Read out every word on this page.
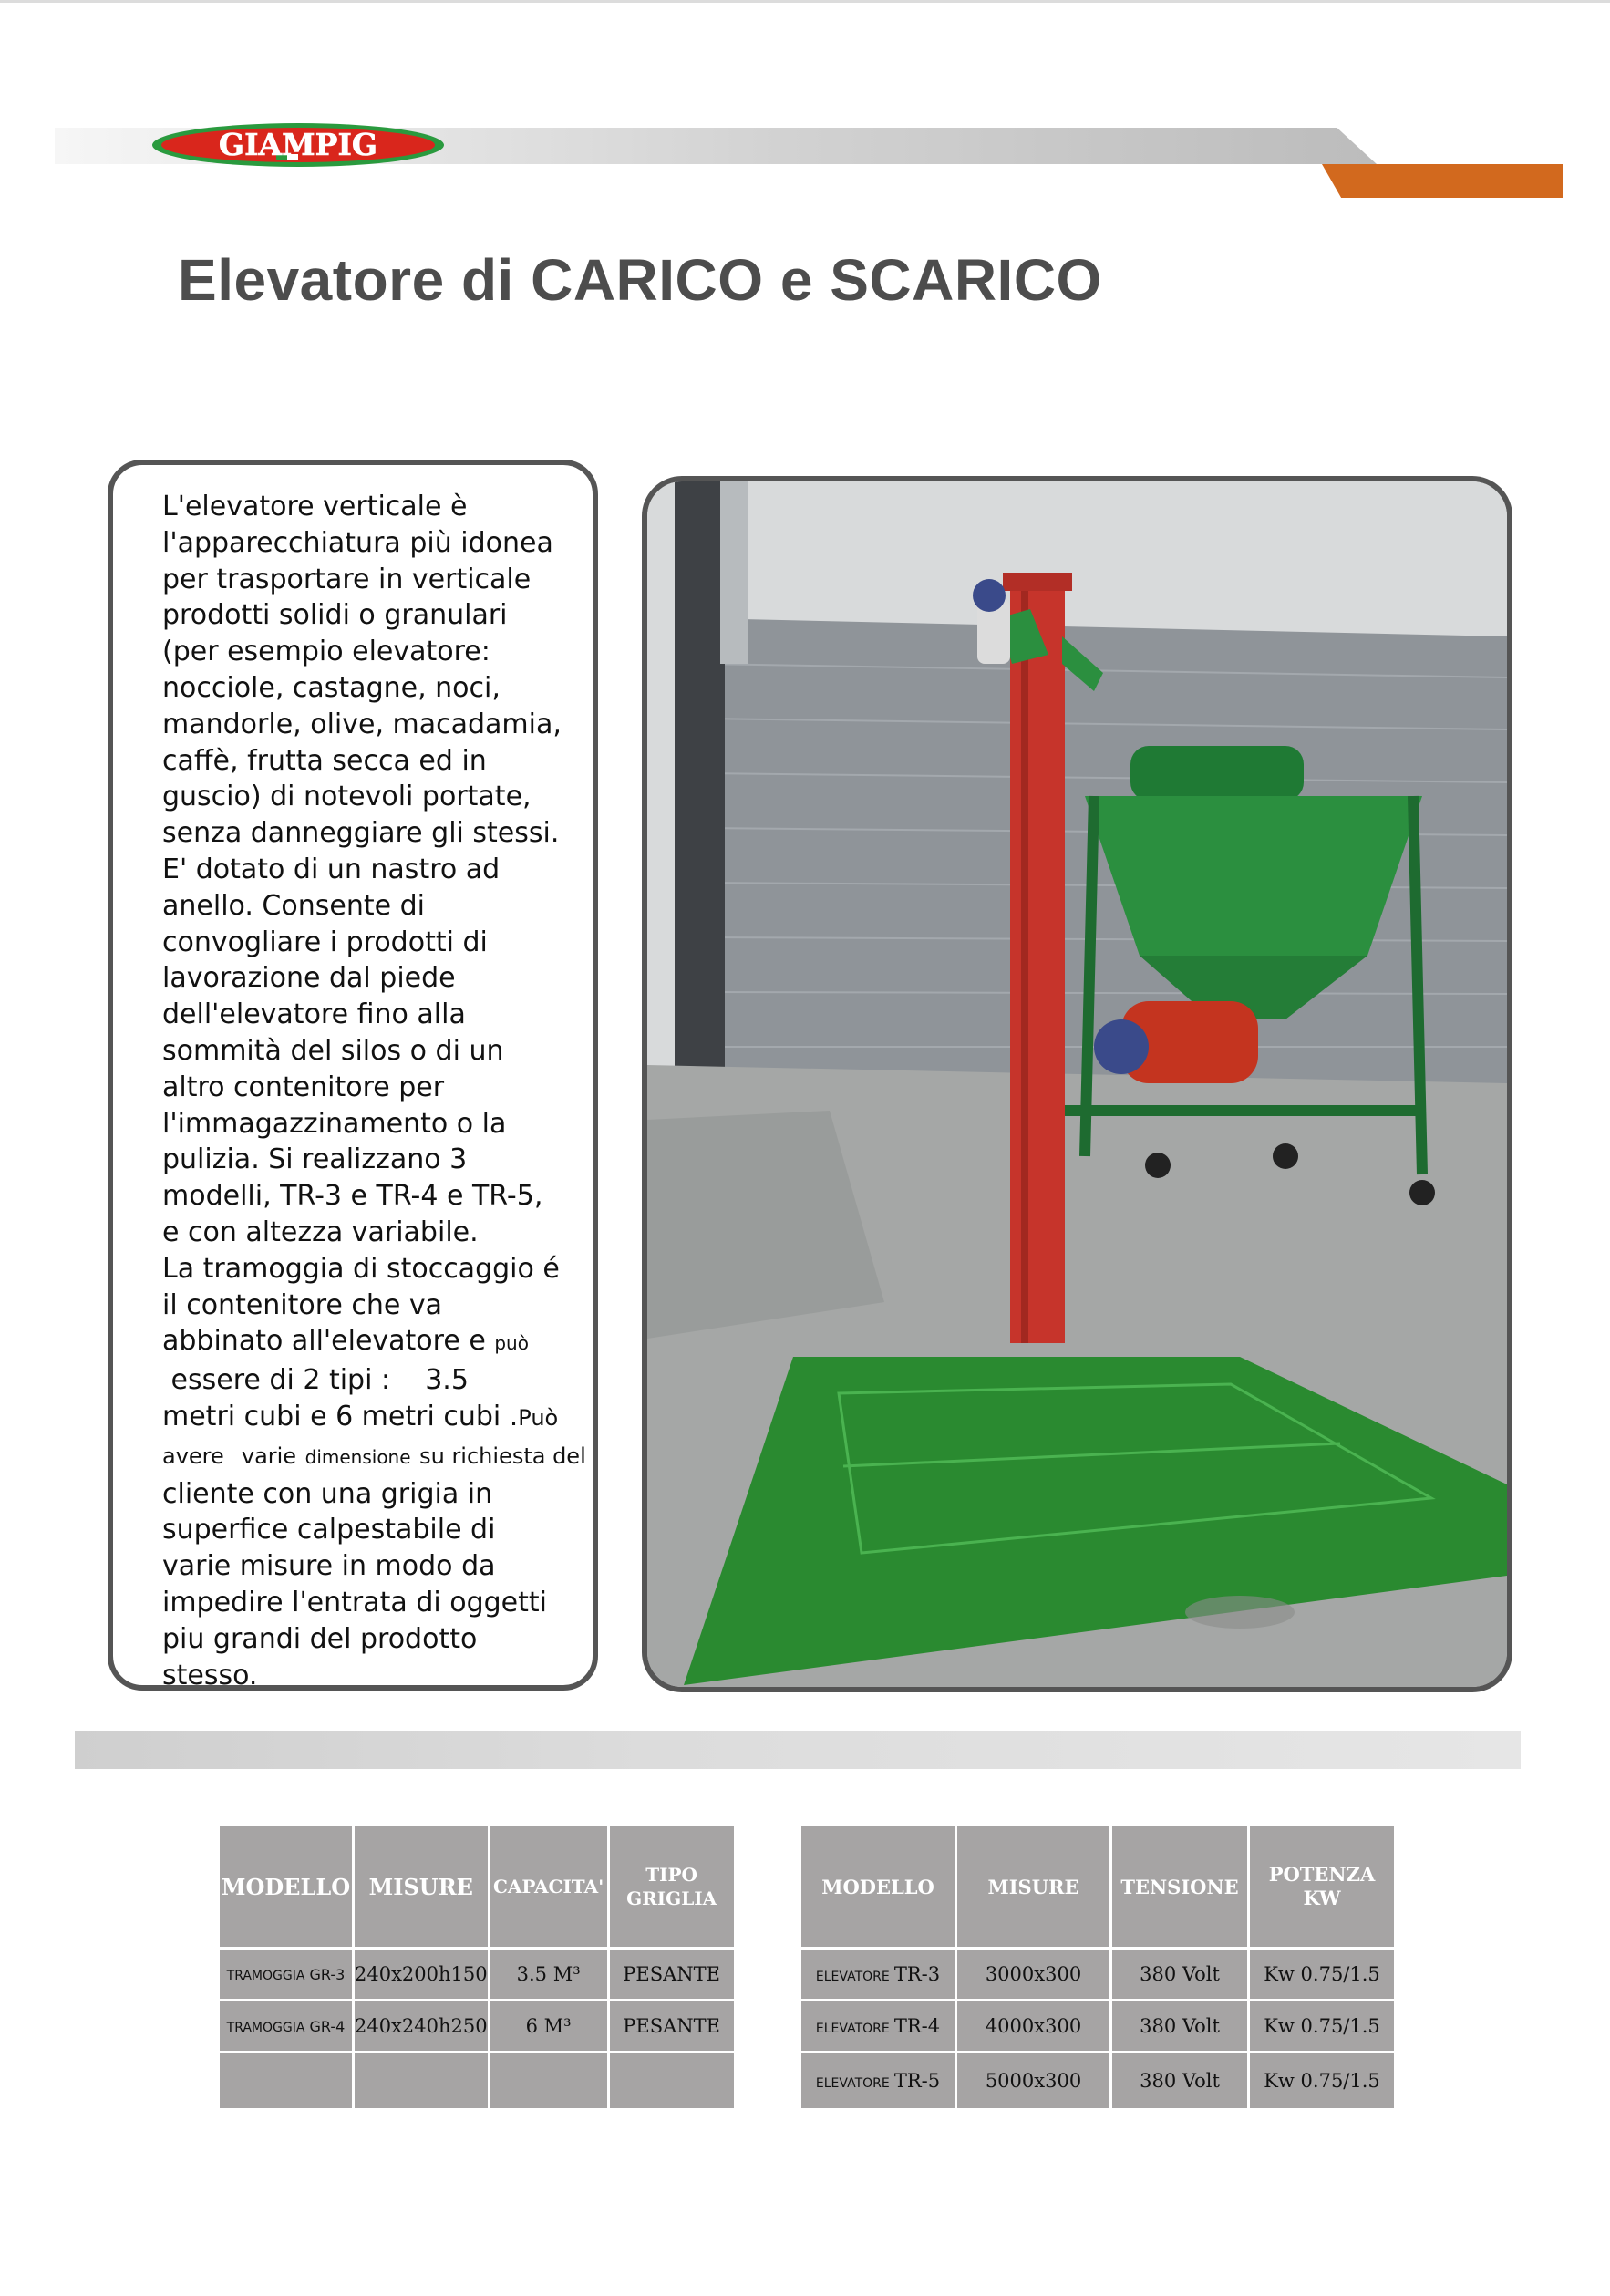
GIAMPIG
Elevatore di CARICO e SCARICO
L'elevatore verticale è
l'apparecchiatura più idonea
per trasportare in verticale
prodotti solidi o granulari
(per esempio elevatore:
nocciole, castagne, noci,
mandorle, olive, macadamia,
caffè, frutta secca ed in
guscio) di notevoli portate,
senza danneggiare gli stessi.
E' dotato di un nastro ad
anello. Consente di
convogliare i prodotti di
lavorazione dal piede
dell'elevatore fino alla
sommità del silos o di un
altro contenitore per
l'immagazzinamento o la
pulizia. Si realizzano 3
modelli, TR-3 e TR-4 e TR-5,
e con altezza variabile.
La tramoggia di stoccaggio é
il contenitore che va
abbinato all'elevatore e può
essere di 2 tipi : 3.5
metri cubi e 6 metri cubi .Può
avere varie dimensione su richiesta del
cliente con una grigia in
superfice calpestabile di
varie misure in modo da
impedire l'entrata di oggetti
piu grandi del prodotto
stesso.
MODELLO	MISURE	CAPACITA'	TIPO GRIGLIA
TRAMOGGIA GR-3	240x200h150	3.5 M³	PESANTE
TRAMOGGIA GR-4	240x240h250	6 M³	PESANTE

MODELLO	MISURE	TENSIONE	POTENZA KW
ELEVATORE TR-3	3000x300	380 Volt	Kw 0.75/1.5
ELEVATORE TR-4	4000x300	380 Volt	Kw 0.75/1.5
ELEVATORE TR-5	5000x300	380 Volt	Kw 0.75/1.5
